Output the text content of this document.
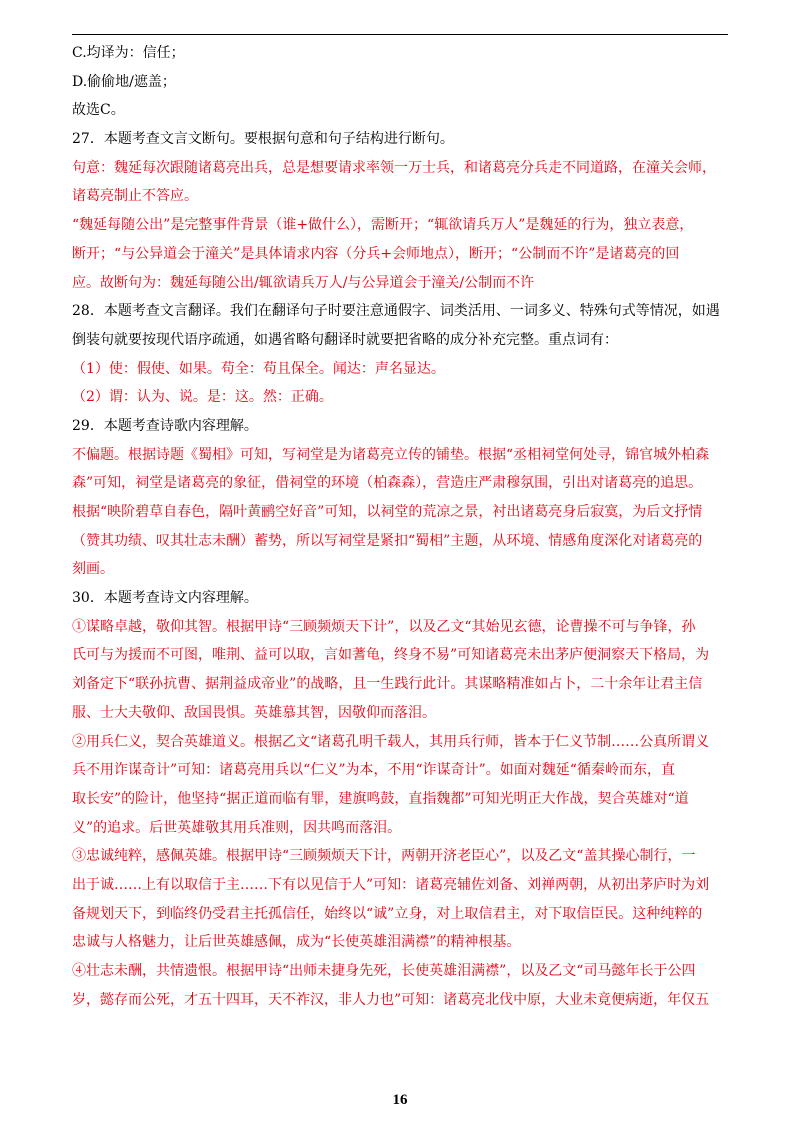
C.均译为：信任；
D.偷偷地/遮盖；
故选C。
27．本题考查文言文断句。要根据句意和句子结构进行断句。
句意：魏延每次跟随诸葛亮出兵，总是想要请求率领一万士兵，和诸葛亮分兵走不同道路，在潼关会师，
诸葛亮制止不答应。
“魏延每随公出”是完整事件背景（谁+做什么），需断开；“辄欲请兵万人”是魏延的行为，独立表意，
断开；“与公异道会于潼关”是具体请求内容（分兵+会师地点），断开；“公制而不许”是诸葛亮的回
应。故断句为：魏延每随公出/辄欲请兵万人/与公异道会于潼关/公制而不许
28．本题考查文言翻译。我们在翻译句子时要注意通假字、词类活用、一词多义、特殊句式等情况，如遇
倒装句就要按现代语序疏通，如遇省略句翻译时就要把省略的成分补充完整。重点词有：
（1）使：假使、如果。苟全：苟且保全。闻达：声名显达。
（2）谓：认为、说。是：这。然：正确。
29．本题考查诗歌内容理解。
不偏题。根据诗题《蜀相》可知，写祠堂是为诸葛亮立传的铺垫。根据“丞相祠堂何处寻，锦官城外柏森
森”可知，祠堂是诸葛亮的象征，借祠堂的环境（柏森森），营造庄严肃穆氛围，引出对诸葛亮的追思。
根据“映阶碧草自春色，隔叶黄鹂空好音”可知，以祠堂的荒凉之景，衬出诸葛亮身后寂寞，为后文抒情
（赞其功绩、叹其壮志未酬）蓄势，所以写祠堂是紧扣“蜀相”主题，从环境、情感角度深化对诸葛亮的
刻画。
30．本题考查诗文内容理解。
①谋略卓越，敬仰其智。根据甲诗“三顾频烦天下计”，以及乙文“其始见玄德，论曹操不可与争锋，孙
氏可与为援而不可图，唯荆、益可以取，言如蓍龟，终身不易”可知诸葛亮未出茅庐便洞察天下格局，为
刘备定下“联孙抗曹、据荆益成帝业”的战略，且一生践行此计。其谋略精准如占卜，二十余年让君主信
服、士大夫敬仰、敌国畏惧。英雄慕其智，因敬仰而落泪。
②用兵仁义，契合英雄道义。根据乙文“诸葛孔明千载人，其用兵行师，皆本于仁义节制……公真所谓义
兵不用诈谋奇计”可知：诸葛亮用兵以“仁义”为本，不用“诈谋奇计”。如面对魏延“循秦岭而东，直
取长安”的险计，他坚持“据正道而临有罪，建旗鸣鼓，直指魏都”可知光明正大作战，契合英雄对“道
义”的追求。后世英雄敬其用兵准则，因共鸣而落泪。
③忠诚纯粹，感佩英雄。根据甲诗“三顾频烦天下计，两朝开济老臣心”，以及乙文“盖其操心制行，一
出于诚……上有以取信于主……下有以见信于人”可知：诸葛亮辅佐刘备、刘禅两朝，从初出茅庐时为刘
备规划天下，到临终仍受君主托孤信任，始终以“诚”立身，对上取信君主，对下取信臣民。这种纯粹的
忠诚与人格魅力，让后世英雄感佩，成为“长使英雄泪满襟”的精神根基。
④壮志未酬，共情遗恨。根据甲诗“出师未捷身先死，长使英雄泪满襟”，以及乙文“司马懿年长于公四
岁，懿存而公死，才五十四耳，天不祚汉，非人力也”可知：诸葛亮北伐中原，大业未竟便病逝，年仅五
16
